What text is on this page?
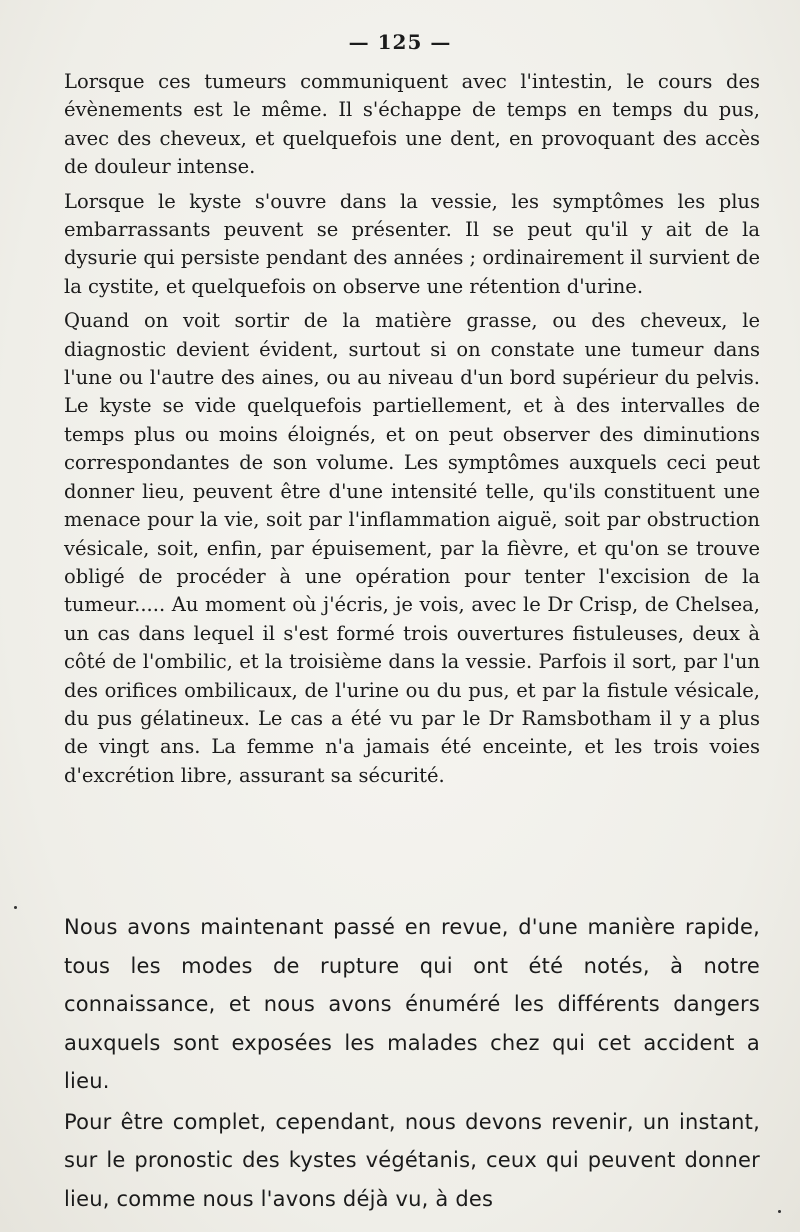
— 125 —

Lorsque ces tumeurs communiquent avec l'intestin, le cours des évènements est le même. Il s'échappe de temps en temps du pus, avec des cheveux, et quelquefois une dent, en provoquant des accès de douleur intense.

Lorsque le kyste s'ouvre dans la vessie, les symptômes les plus embarrassants peuvent se présenter. Il se peut qu'il y ait de la dysurie qui persiste pendant des années ; ordinairement il survient de la cystite, et quelquefois on observe une rétention d'urine.

Quand on voit sortir de la matière grasse, ou des cheveux, le diagnostic devient évident, surtout si on constate une tumeur dans l'une ou l'autre des aines, ou au niveau d'un bord supérieur du pelvis. Le kyste se vide quelquefois partiellement, et à des intervalles de temps plus ou moins éloignés, et on peut observer des diminutions correspondantes de son volume. Les symptômes auxquels ceci peut donner lieu, peuvent être d'une intensité telle, qu'ils constituent une menace pour la vie, soit par l'inflammation aiguë, soit par obstruction vésicale, soit, enfin, par épuisement, par la fièvre, et qu'on se trouve obligé de procéder à une opération pour tenter l'excision de la tumeur..... Au moment où j'écris, je vois, avec le Dr Crisp, de Chelsea, un cas dans lequel il s'est formé trois ouvertures fistuleuses, deux à côté de l'ombilic, et la troisième dans la vessie. Parfois il sort, par l'un des orifices ombilicaux, de l'urine ou du pus, et par la fistule vésicale, du pus gélatineux. Le cas a été vu par le Dr Ramsbotham il y a plus de vingt ans. La femme n'a jamais été enceinte, et les trois voies d'excrétion libre, assurant sa sécurité.

Nous avons maintenant passé en revue, d'une manière rapide, tous les modes de rupture qui ont été notés, à notre connaissance, et nous avons énuméré les différents dangers auxquels sont exposées les malades chez qui cet accident a lieu.

Pour être complet, cependant, nous devons revenir, un instant, sur le pronostic des kystes végétanis, ceux qui peuvent donner lieu, comme nous l'avons déjà vu, à des
